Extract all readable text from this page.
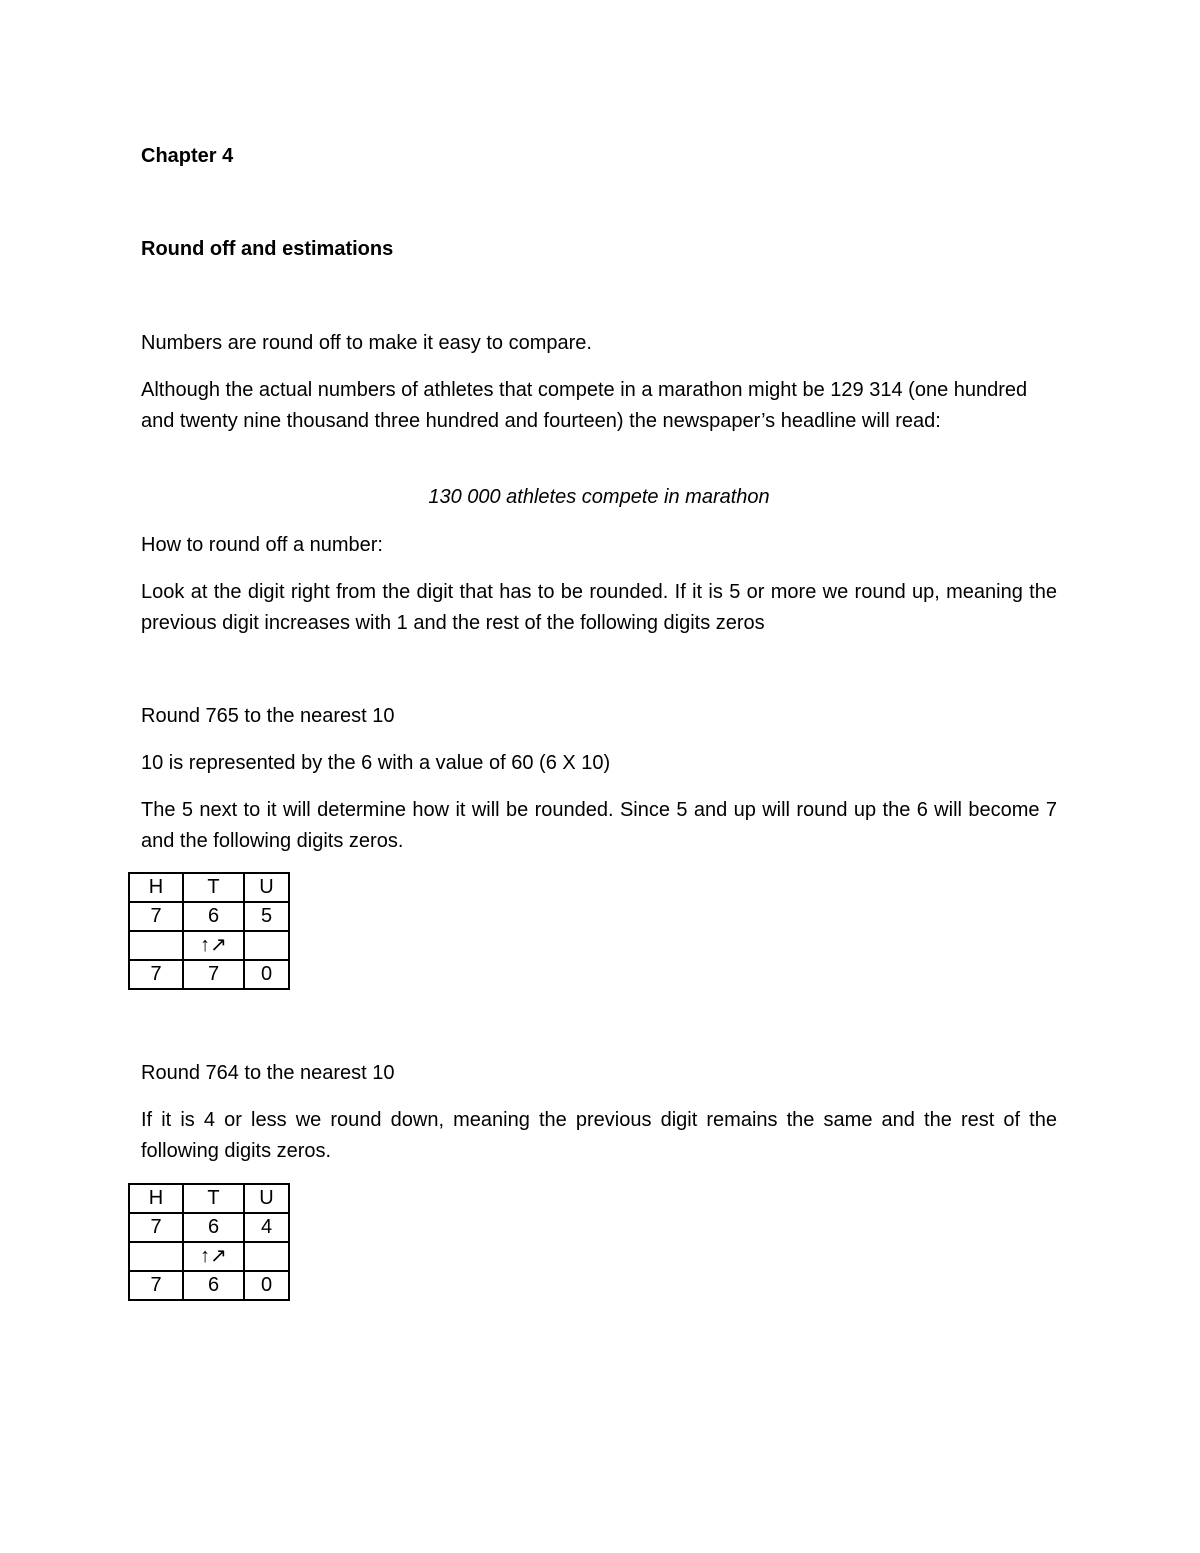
Chapter 4

Round off and estimations

Numbers are round off to make it easy to compare.

Although the actual numbers of athletes that compete in a marathon might be 129 314 (one hundred and twenty nine thousand three hundred and fourteen) the newspaper’s headline will read:

130 000 athletes compete in marathon

How to round off a number:

Look at the digit right from the digit that has to be rounded. If it is 5 or more we round up, meaning the previous digit increases with 1 and the rest of the following digits zeros

Round 765 to the nearest 10

10 is represented by the 6 with a value of 60 (6 X 10)

The 5 next to it will determine how it will be rounded. Since 5 and up will round up the 6 will become 7 and the following digits zeros.

H	T	U
7	6	5
	↑↗	
7	7	0

Round 764 to the nearest 10

If it is 4 or less we round down, meaning the previous digit remains the same and the rest of the following digits zeros.

H	T	U
7	6	4
	↑↗	
7	6	0
